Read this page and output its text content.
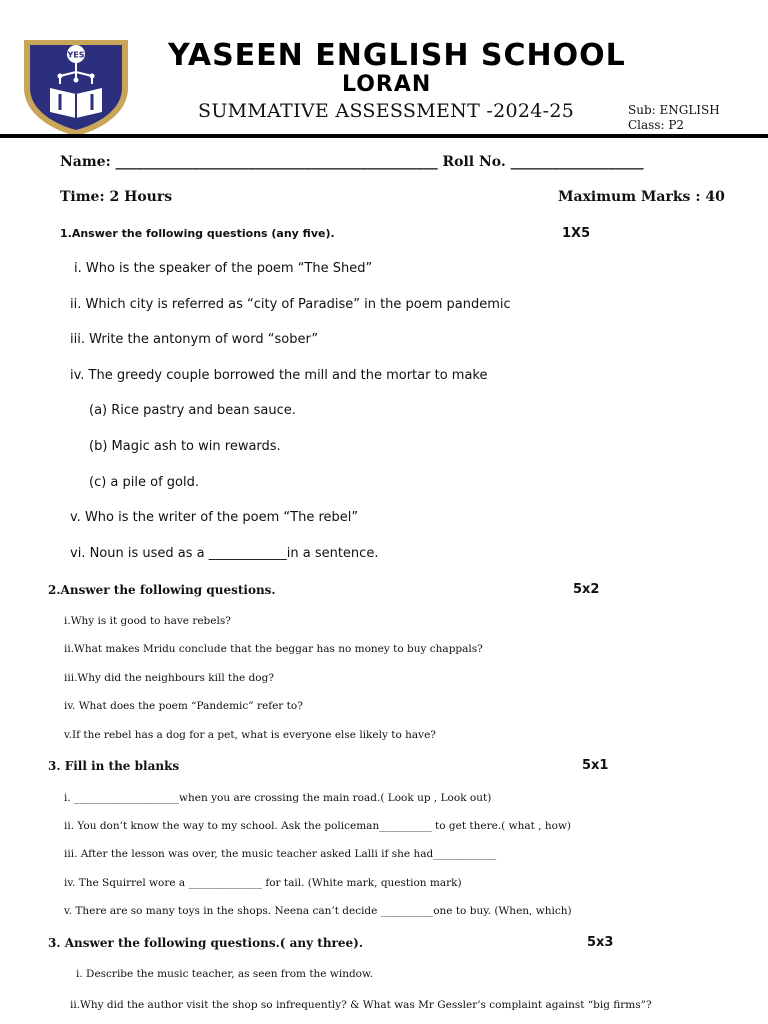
YES	YASEEN ENGLISH SCHOOL
LORAN
SUMMATIVE ASSESSMENT -2024-25	Sub: ENGLISH
Class: P2
Name: ______________________________________________ Roll No. ___________________
Time: 2 Hours	Maximum Marks : 40
1.Answer the following questions (any five).	1X5
i. Who is the speaker of the poem “The Shed”
ii. Which city is referred as “city of Paradise” in the poem pandemic
iii. Write the antonym of word “sober”
iv. The greedy couple borrowed the mill and the mortar to make
(a) Rice pastry and bean sauce.
(b) Magic ash to win rewards.
(c) a pile of gold.
v. Who is the writer of the poem “The rebel”
vi. Noun is used as a ____________in a sentence.
2.Answer the following questions.	5x2
i.Why is it good to have rebels?
ii.What makes Mridu conclude that the beggar has no money to buy chappals?
iii.Why did the neighbours kill the dog?
iv. What does the poem “Pandemic” refer to?
v.If the rebel has a dog for a pet, what is everyone else likely to have?
3. Fill in the blanks	5x1
i. ____________________when you are crossing the main road.( Look up , Look out)
ii. You don’t know the way to my school. Ask the policeman__________ to get there.( what , how)
iii. After the lesson was over, the music teacher asked Lalli if she had____________
iv. The Squirrel wore a ______________ for tail. (White mark, question mark)
v. There are so many toys in the shops. Neena can’t decide __________one to buy. (When, which)
3. Answer the following questions.( any three).	5x3
i. Describe the music teacher, as seen from the window.
ii.Why did the author visit the shop so infrequently? & What was Mr Gessler’s complaint against “big firms”?
